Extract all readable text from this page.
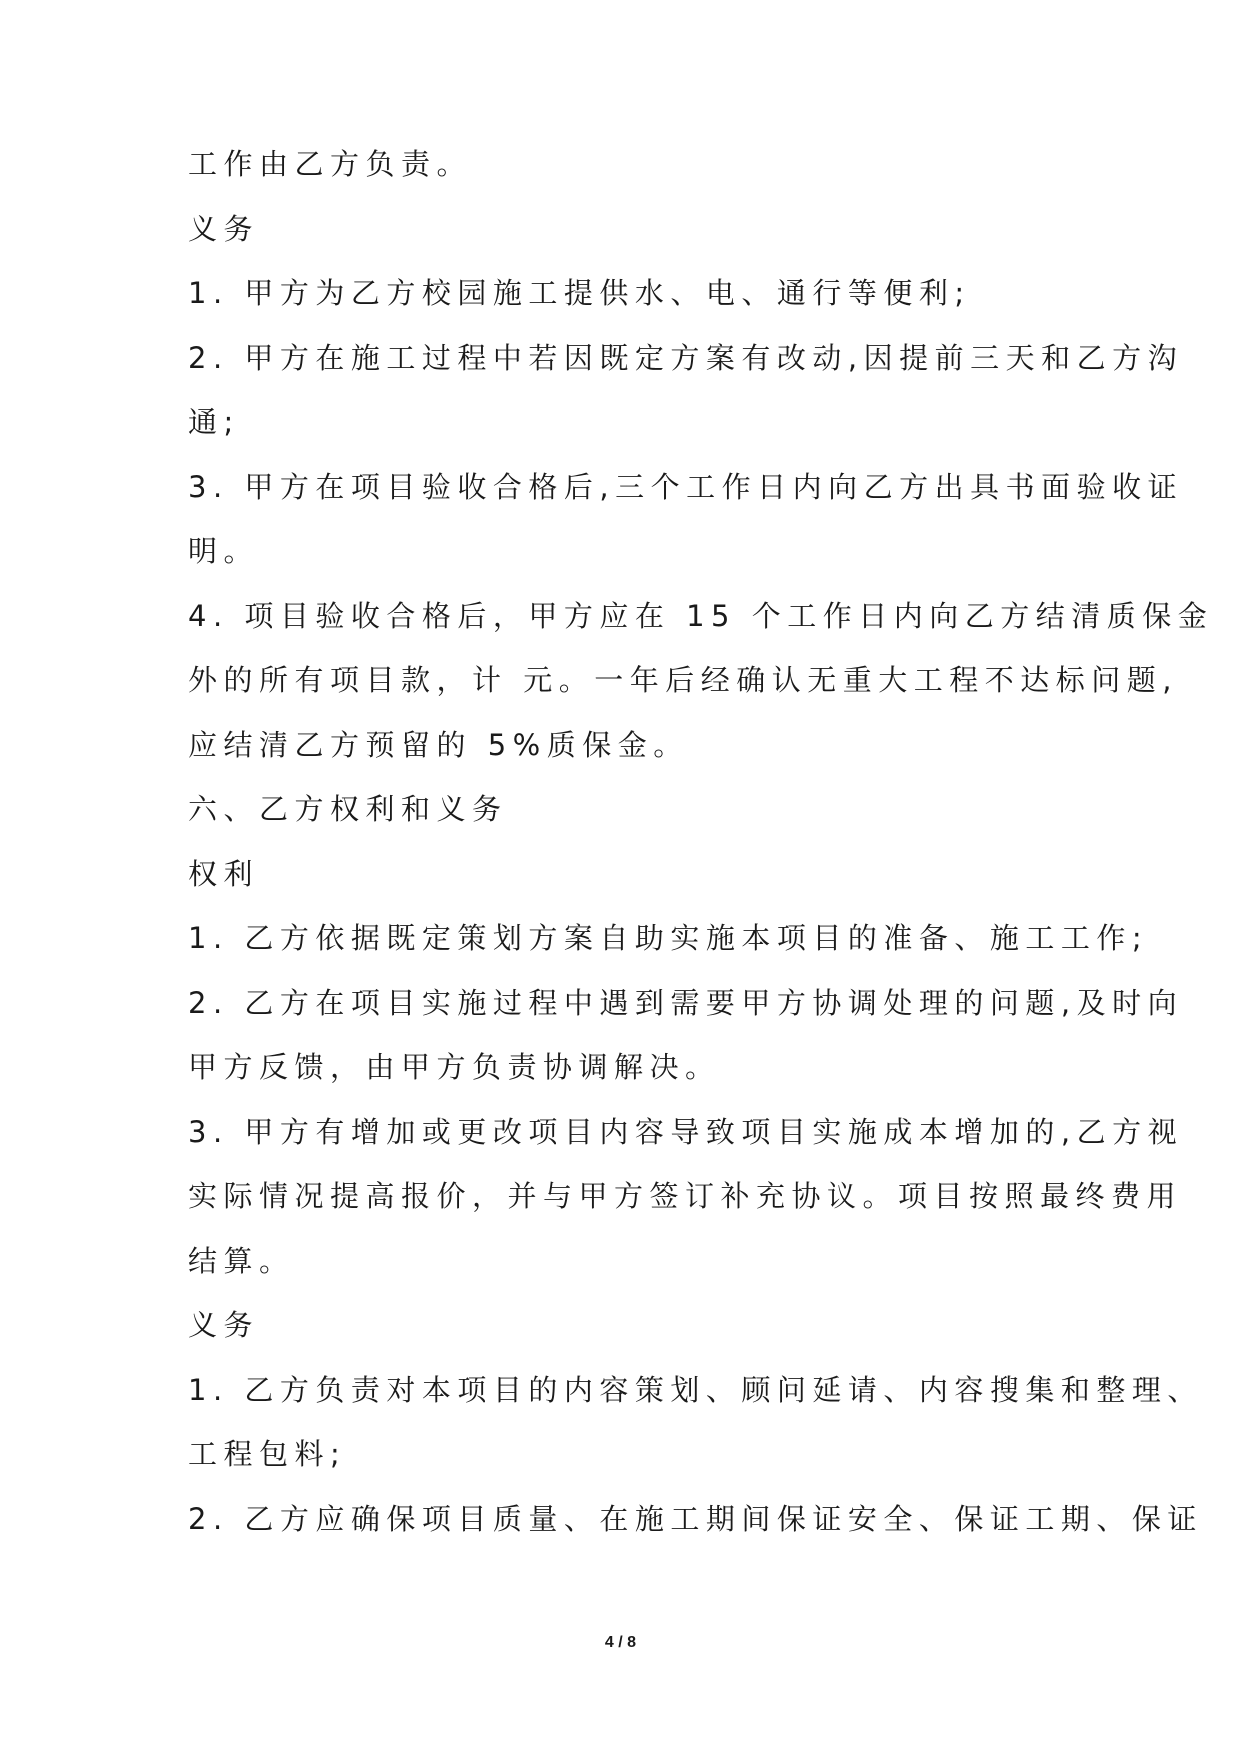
工作由乙方负责。
义务
1. 甲方为乙方校园施工提供水、电、通行等便利;
2. 甲方在施工过程中若因既定方案有改动,因提前三天和乙方沟
通;
3. 甲方在项目验收合格后,三个工作日内向乙方出具书面验收证
明。
4. 项目验收合格后，甲方应在 15 个工作日内向乙方结清质保金
外的所有项目款，计 元。一年后经确认无重大工程不达标问题,
应结清乙方预留的 5%质保金。
六、乙方权利和义务
权利
1. 乙方依据既定策划方案自助实施本项目的准备、施工工作;
2. 乙方在项目实施过程中遇到需要甲方协调处理的问题,及时向
甲方反馈，由甲方负责协调解决。
3. 甲方有增加或更改项目内容导致项目实施成本增加的,乙方视
实际情况提高报价，并与甲方签订补充协议。项目按照最终费用
结算。
义务
1. 乙方负责对本项目的内容策划、顾问延请、内容搜集和整理、
工程包料;
2. 乙方应确保项目质量、在施工期间保证安全、保证工期、保证
4 / 8
